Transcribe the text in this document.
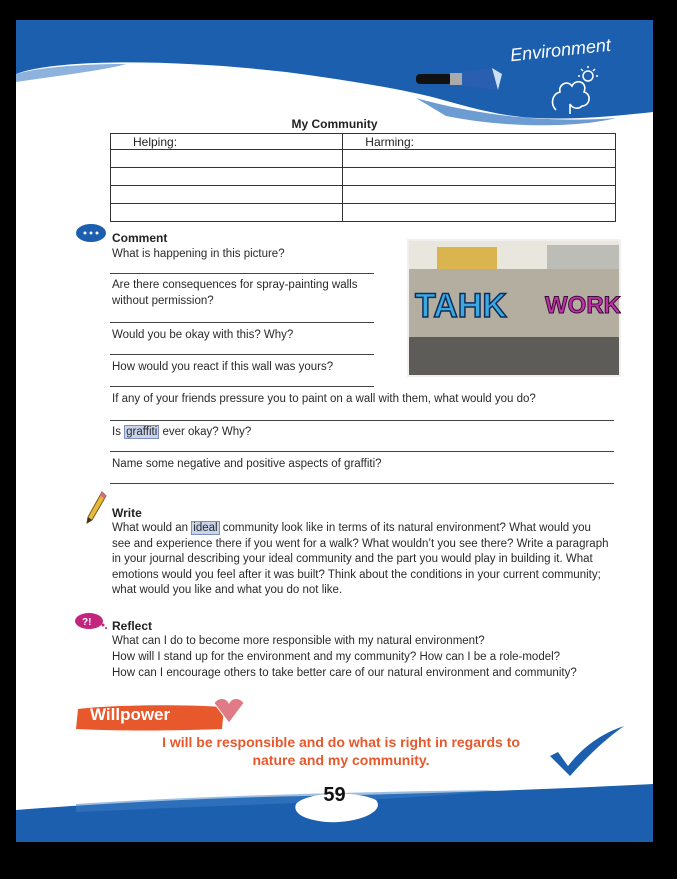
Environment
My Community
Helping:	Harming:

Comment
What is happening in this picture?
Are there consequences for spray-painting walls without permission?
Would you be okay with this? Why?
How would you react if this wall was yours?
TAHK WORK
If any of your friends pressure you to paint on a wall with them, what would you do?
Is graffiti ever okay? Why?
Name some negative and positive aspects of graffiti?
Write
What would an ideal community look like in terms of its natural environment? What would you see and experience there if you went for a walk? What wouldn’t you see there? Write a paragraph in your journal describing your ideal community and the part you would play in building it. What emotions would you feel after it was built? Think about the conditions in your current community; what would you like and what you do not like.
?! Reflect
What can I do to become more responsible with my natural environment?
How will I stand up for the environment and my community? How can I be a role-model?
How can I encourage others to take better care of our natural environment and community?
Willpower
I will be responsible and do what is right in regards to
nature and my community.
59
